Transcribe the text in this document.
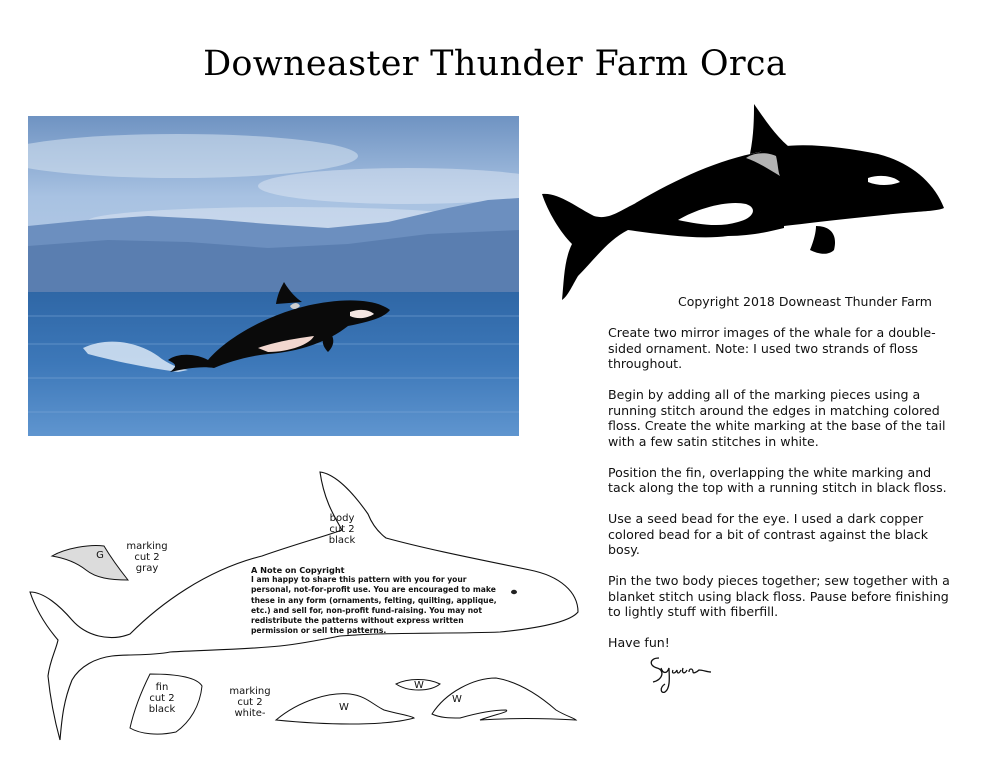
Downeaster Thunder Farm Orca
Copyright 2018 Downeast Thunder Farm

Create two mirror images of the whale for a double-sided ornament. Note: I used two strands of floss throughout.

Begin by adding all of the marking pieces using a running stitch around the edges in matching colored floss. Create the white marking at the base of the tail with a few satin stitches in white.

Position the fin, overlapping the white marking and tack along the top with a running stitch in black floss.

Use a seed bead for the eye. I used a dark copper colored bead for a bit of contrast against the black bosy.

Pin the two body pieces together; sew together with a blanket stitch using black floss. Pause before finishing to lightly stuff with fiberfill.

Have fun!

G
marking
cut 2
gray
body
cut 2
black
fin
cut 2
black
marking
cut 2
white-
W
W
W
A Note on Copyright
I am happy to share this pattern with you for your personal, not-for-profit use. You are encouraged to make these in any form (ornaments, felting, quilting, applique, etc.) and sell for, non-profit fund-raising. You may not redistribute the patterns without express written permission or sell the patterns.
